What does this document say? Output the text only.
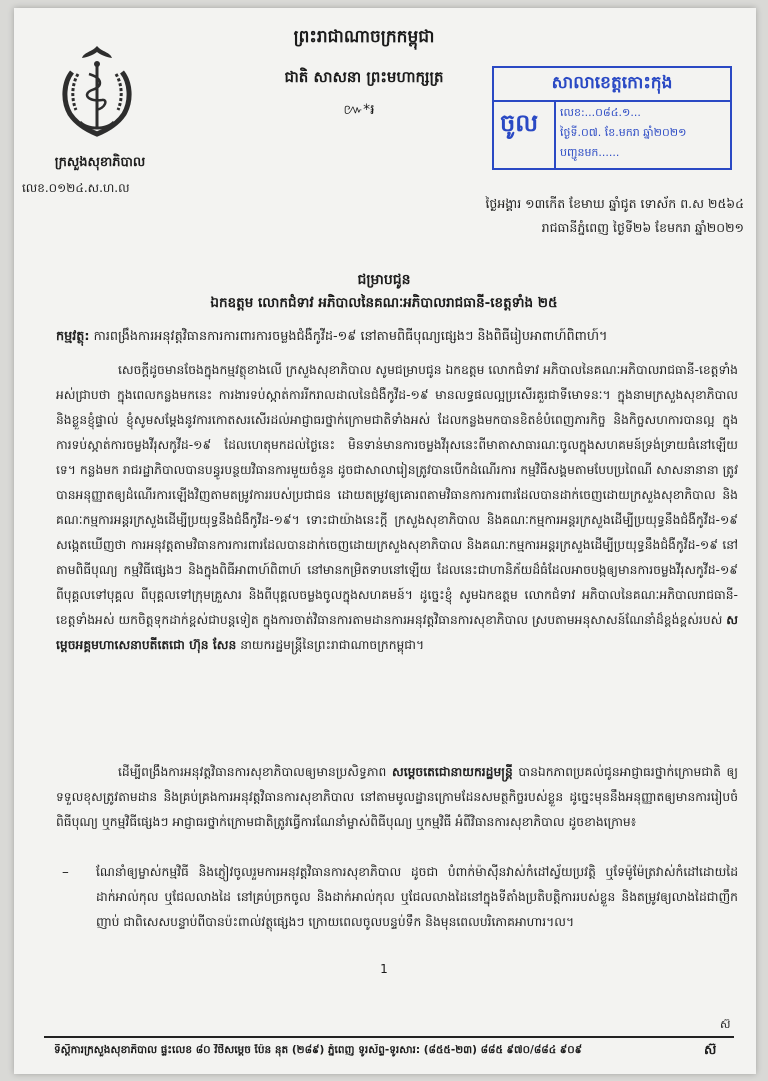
ក្រសួងសុខាភិបាល
លេខ.០១២៤.ស.ហ.ល
ព្រះរាជាណាចក្រកម្ពុជា
ជាតិ សាសនា ព្រះមហាក្សត្រ
៚*៛
សាលាខេត្តកោះកុង
ចូល	លេខ:...០៨៤.១...
ថ្ងៃទី.០៧. ខែ.មករា ឆ្នាំ២០២១
បញ្ជូនមក......
ថ្ងៃអង្គារ ១៣កើត ខែមាឃ ឆ្នាំជូត ទោស័ក ព.ស ២៥៦៤
រាជធានីភ្នំពេញ ថ្ងៃទី២៦ ខែមករា ឆ្នាំ២០២១
ជម្រាបជូន
ឯកឧត្តម លោកជំទាវ អភិបាលនៃគណៈអភិបាលរាជធានី-ខេត្តទាំង ២៥
កម្មវត្ថុ: ការពង្រឹងការអនុវត្តវិធានការការពារការចម្លងជំងឺកូវីដ-១៩ នៅតាមពិធីបុណ្យផ្សេងៗ និងពិធីរៀបអាពាហ៍ពិពាហ៍។
សេចក្តីដូចមានចែងក្នុងកម្មវត្ថុខាងលើ ក្រសួងសុខាភិបាល សូមជម្រាបជូន ឯកឧត្តម លោកជំទាវ អភិបាលនៃគណៈអភិបាលរាជធានី-ខេត្តទាំងអស់ជ្រាបថា ក្នុងពេលកន្លងមកនេះ ការងារទប់ស្កាត់ការរីករាលដាលនៃជំងឺកូវីដ-១៩ មានលទ្ធផលល្អប្រសើរគួរជាទីមោទនៈ។ ក្នុងនាមក្រសួងសុខាភិបាល និងខ្លួនខ្ញុំផ្ទាល់ ខ្ញុំសូមសម្តែងនូវការកោតសរសើរដល់អាជ្ញាធរថ្នាក់ក្រោមជាតិទាំងអស់ ដែលកន្លងមកបានខិតខំបំពេញភារកិច្ច និងកិច្ចសហការបានល្អ ក្នុងការទប់ស្កាត់ការចម្លងវីរុសកូវីដ-១៩ ដែលហេតុមកដល់ថ្ងៃនេះ មិនទាន់មានការចម្លងវីរុសនេះពីមាតាសាធារណៈចូលក្នុងសហគមន៍ទ្រង់ទ្រាយធំនៅឡើយទេ។ កន្លងមក រាជរដ្ឋាភិបាលបានបន្ធូរបន្ថយវិធានការមួយចំនួន ដូចជាសាលារៀនត្រូវបានបើកដំណើរការ កម្មវិធីសង្គមតាមបែបប្រពៃណី សាសនានានា ត្រូវបានអនុញ្ញាតឲ្យដំណើរការឡើងវិញតាមតម្រូវការរបស់ប្រជាជន ដោយតម្រូវឲ្យគោរពតាមវិធានការការពារដែលបានដាក់ចេញដោយក្រសួងសុខាភិបាល និងគណៈកម្មការអន្តរក្រសួងដើម្បីប្រយុទ្ធនឹងជំងឺកូវីដ-១៩។ ទោះជាយ៉ាងនេះក្តី ក្រសួងសុខាភិបាល និងគណៈកម្មការអន្តរក្រសួងដើម្បីប្រយុទ្ធនឹងជំងឺកូវីដ-១៩ សង្កេតឃើញថា ការអនុវត្តតាមវិធានការការពារដែលបានដាក់ចេញដោយក្រសួងសុខាភិបាល និងគណៈកម្មការអន្តរក្រសួងដើម្បីប្រយុទ្ធនឹងជំងឺកូវីដ-១៩ នៅតាមពិធីបុណ្យ កម្មវិធីផ្សេងៗ និងក្នុងពិធីអាពាហ៍ពិពាហ៍ នៅមានកម្រិតទាបនៅឡើយ ដែលនេះជាហានិភ័យដ៏ធំដែលអាចបង្កឲ្យមានការចម្លងវីរុសកូវីដ-១៩ ពីបុគ្គលទៅបុគ្គល ពីបុគ្គលទៅក្រុមគ្រួសារ និងពីបុគ្គលចម្លងចូលក្នុងសហគមន៍។ ដូច្នេះខ្ញុំ សូមឯកឧត្តម លោកជំទាវ អភិបាលនៃគណៈអភិបាលរាជធានី-ខេត្តទាំងអស់ យកចិត្តទុកដាក់ខ្ពស់ជាបន្តទៀត ក្នុងការចាត់វិធានការតាមដានការអនុវត្តវិធានការសុខាភិបាល ស្របតាមអនុសាសន៍ណែនាំដ៏ខ្ពង់ខ្ពស់របស់ សម្តេចអគ្គមហាសេនាបតីតេជោ ហ៊ុន សែន នាយករដ្ឋមន្ត្រីនៃព្រះរាជាណាចក្រកម្ពុជា។
ដើម្បីពង្រឹងការអនុវត្តវិធានការសុខាភិបាលឲ្យមានប្រសិទ្ធភាព សម្តេចតេជោនាយករដ្ឋមន្ត្រី បានឯកភាពប្រគល់ជូនអាជ្ញាធរថ្នាក់ក្រោមជាតិ ឲ្យទទួលខុសត្រូវតាមដាន និងគ្រប់គ្រងការអនុវត្តវិធានការសុខាភិបាល នៅតាមមូលដ្ឋានក្រោមដែនសមត្ថកិច្ចរបស់ខ្លួន ដូច្នេះមុននឹងអនុញ្ញាតឲ្យមានការរៀបចំពិធីបុណ្យ ឬកម្មវិធីផ្សេងៗ អាជ្ញាធរថ្នាក់ក្រោមជាតិត្រូវធ្វើការណែនាំម្ចាស់ពិធីបុណ្យ ឬកម្មវិធី អំពីវិធានការសុខាភិបាល ដូចខាងក្រោម៖
–	ណែនាំឲ្យម្ចាស់កម្មវិធី និងភ្ញៀវចូលរួមការអនុវត្តវិធានការសុខាភិបាល ដូចជា បំពាក់ម៉ាស៊ីនវាស់កំដៅស្វ័យប្រវត្តិ ឬទែម៉ូម៉ែត្រវាស់កំដៅដោយដៃ ដាក់អាល់កុល ឬជែលលាងដៃ នៅគ្រប់ច្រកចូល និងដាក់អាល់កុល ឬជែលលាងដៃនៅក្នុងទីតាំងប្រតិបត្តិការរបស់ខ្លួន និងតម្រូវឲ្យលាងដៃជាញឹកញាប់ ជាពិសេសបន្ទាប់ពីបានប៉ះពាល់វត្ថុផ្សេងៗ ក្រោយពេលចូលបន្ទប់ទឹក និងមុនពេលបរិភោគអាហារ។ល។
1
ស៊
ទីស្តីការក្រសួងសុខាភិបាល ផ្ទះលេខ ៨០ វិថីសម្តេច ប៉ែន នុត (២៨៩) ភ្នំពេញ ទូរស័ព្ទ-ទូរសារ: (៨៥៥-២៣) ៨៨៥ ៩៧០/៨៨៤ ៩០៩	ស៊
